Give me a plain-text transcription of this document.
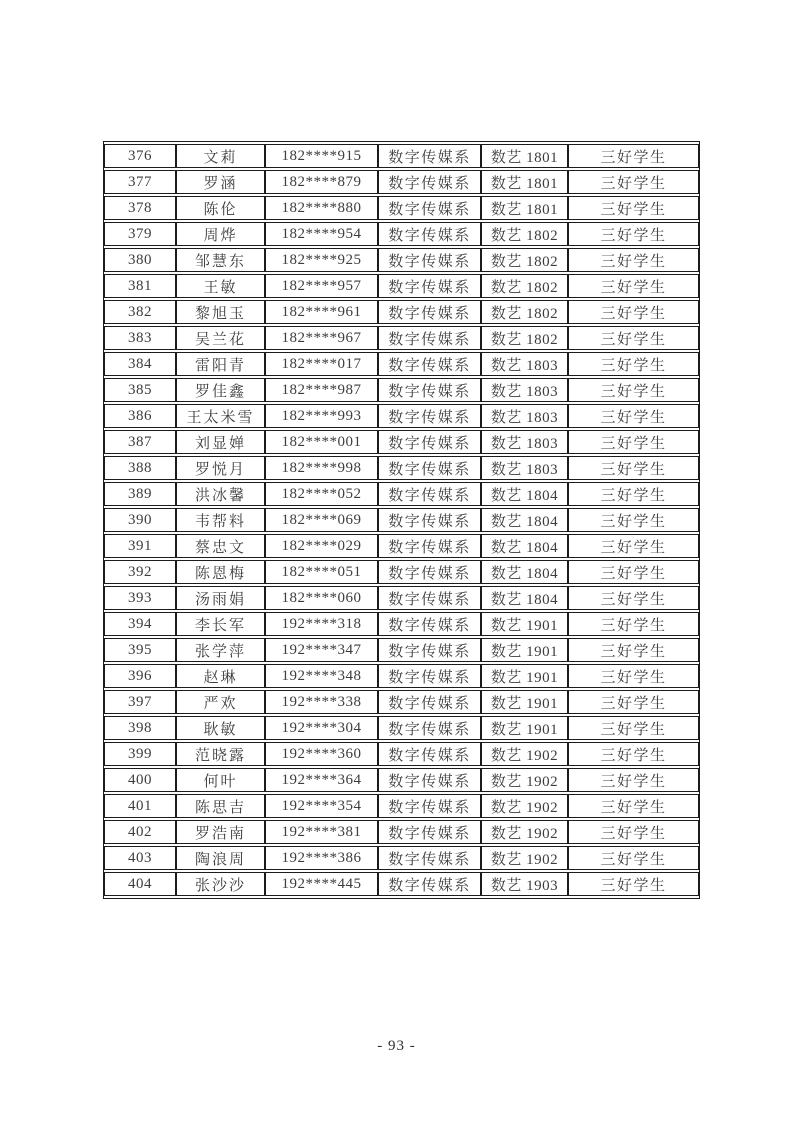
376	文莉	182****915	数字传媒系	数艺 1801	三好学生
377	罗涵	182****879	数字传媒系	数艺 1801	三好学生
378	陈伦	182****880	数字传媒系	数艺 1801	三好学生
379	周烨	182****954	数字传媒系	数艺 1802	三好学生
380	邹慧东	182****925	数字传媒系	数艺 1802	三好学生
381	王敏	182****957	数字传媒系	数艺 1802	三好学生
382	黎旭玉	182****961	数字传媒系	数艺 1802	三好学生
383	吴兰花	182****967	数字传媒系	数艺 1802	三好学生
384	雷阳青	182****017	数字传媒系	数艺 1803	三好学生
385	罗佳鑫	182****987	数字传媒系	数艺 1803	三好学生
386	王太米雪	182****993	数字传媒系	数艺 1803	三好学生
387	刘显婵	182****001	数字传媒系	数艺 1803	三好学生
388	罗悦月	182****998	数字传媒系	数艺 1803	三好学生
389	洪冰馨	182****052	数字传媒系	数艺 1804	三好学生
390	韦帮料	182****069	数字传媒系	数艺 1804	三好学生
391	蔡忠文	182****029	数字传媒系	数艺 1804	三好学生
392	陈恩梅	182****051	数字传媒系	数艺 1804	三好学生
393	汤雨娟	182****060	数字传媒系	数艺 1804	三好学生
394	李长军	192****318	数字传媒系	数艺 1901	三好学生
395	张学萍	192****347	数字传媒系	数艺 1901	三好学生
396	赵琳	192****348	数字传媒系	数艺 1901	三好学生
397	严欢	192****338	数字传媒系	数艺 1901	三好学生
398	耿敏	192****304	数字传媒系	数艺 1901	三好学生
399	范晓露	192****360	数字传媒系	数艺 1902	三好学生
400	何叶	192****364	数字传媒系	数艺 1902	三好学生
401	陈思吉	192****354	数字传媒系	数艺 1902	三好学生
402	罗浩南	192****381	数字传媒系	数艺 1902	三好学生
403	陶浪周	192****386	数字传媒系	数艺 1902	三好学生
404	张沙沙	192****445	数字传媒系	数艺 1903	三好学生
- 93 -
